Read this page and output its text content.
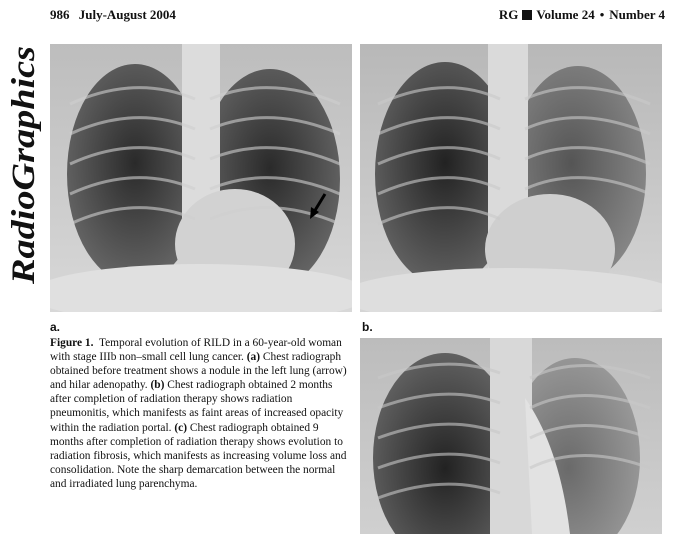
986 July-August 2004	RG Volume 24 • Number 4
RadioGraphics
a.	b.
Figure 1. Temporal evolution of RILD in a 60-year-old woman with stage IIIb non–small cell lung cancer. (a) Chest radiograph obtained before treatment shows a nodule in the left lung (arrow) and hilar adenopathy. (b) Chest radiograph obtained 2 months after completion of radiation therapy shows radiation pneumonitis, which manifests as faint areas of increased opacity within the radiation portal. (c) Chest radiograph obtained 9 months after completion of radiation therapy shows evolution to radiation fibrosis, which manifests as increasing volume loss and consolidation. Note the sharp demarcation between the normal and irradiated lung parenchyma.
